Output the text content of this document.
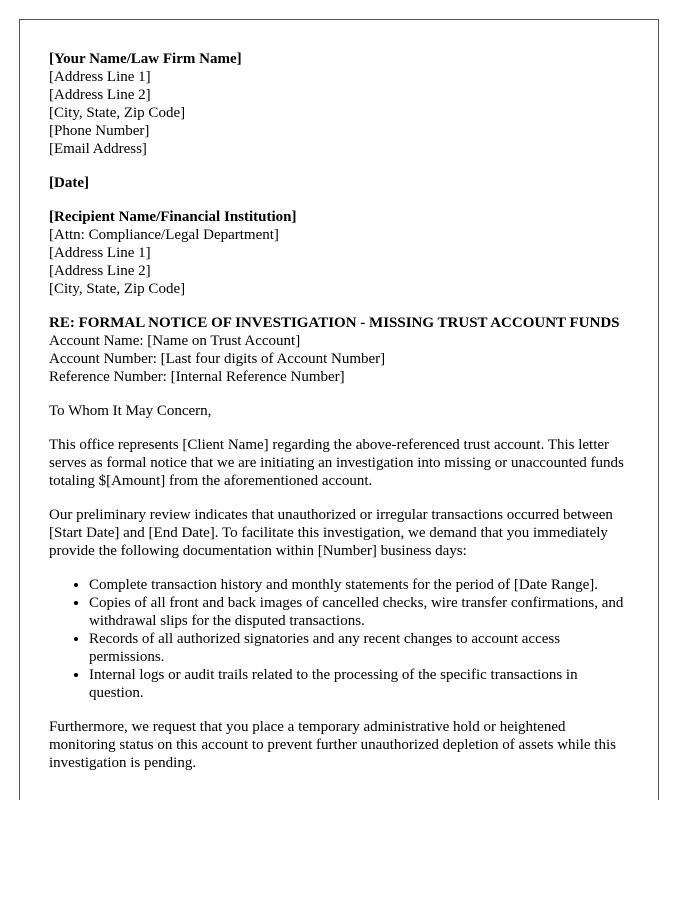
[Your Name/Law Firm Name]
[Address Line 1]
[Address Line 2]
[City, State, Zip Code]
[Phone Number]
[Email Address]
[Date]
[Recipient Name/Financial Institution]
[Attn: Compliance/Legal Department]
[Address Line 1]
[Address Line 2]
[City, State, Zip Code]
RE: FORMAL NOTICE OF INVESTIGATION - MISSING TRUST ACCOUNT FUNDS
Account Name: [Name on Trust Account]
Account Number: [Last four digits of Account Number]
Reference Number: [Internal Reference Number]

To Whom It May Concern,

This office represents [Client Name] regarding the above-referenced trust account. This letter serves as formal notice that we are initiating an investigation into missing or unaccounted funds totaling $[Amount] from the aforementioned account.

Our preliminary review indicates that unauthorized or irregular transactions occurred between [Start Date] and [End Date]. To facilitate this investigation, we demand that you immediately provide the following documentation within [Number] business days:

• Complete transaction history and monthly statements for the period of [Date Range].
• Copies of all front and back images of cancelled checks, wire transfer confirmations, and withdrawal slips for the disputed transactions.
• Records of all authorized signatories and any recent changes to account access permissions.
• Internal logs or audit trails related to the processing of the specific transactions in question.

Furthermore, we request that you place a temporary administrative hold or heightened monitoring status on this account to prevent further unauthorized depletion of assets while this investigation is pending.
